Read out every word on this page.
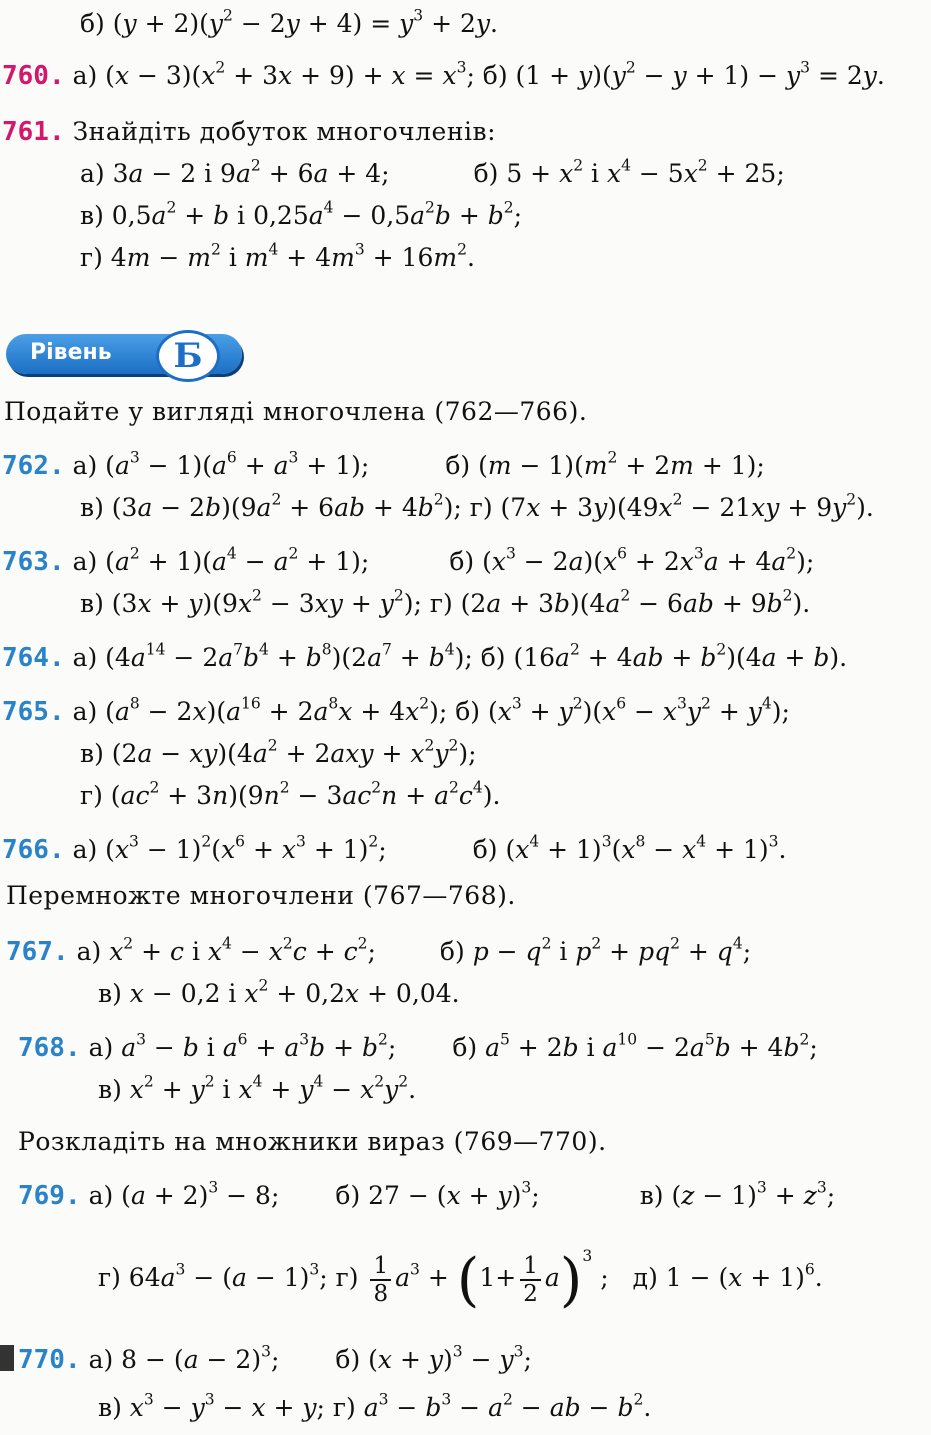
б) $(y + 2)(y^2 - 2y + 4) = y^3 + 2y$.
760. а) $(x - 3)(x^2 + 3x + 9) + x = x^3$; б) $(1 + y)(y^2 - y + 1) - y^3 = 2y$.
761. Знайдіть добуток многочленів:
а) 3a − 2 і $9a^2 + 6a + 4$;	б) $5 + x^2$ і $x^4 - 5x^2 + 25$;
в) $0,5a^2 + b$ і $0,25a^4 - 0,5a^2b + b^2$;
г) $4m - m^2$ і $m^4 + 4m^3 + 16m^2$.
Рівень	Б
Подайте у вигляді многочлена (762—766).
762. а) $(a^3 - 1)(a^6 + a^3 + 1)$;	б) $(m - 1)(m^2 + 2m + 1)$;
в) $(3a - 2b)(9a^2 + 6ab + 4b^2)$; г) $(7x + 3y)(49x^2 - 21xy + 9y^2)$.
763. а) $(a^2 + 1)(a^4 - a^2 + 1)$;	б) $(x^3 - 2a)(x^6 + 2x^3a + 4a^2)$;
в) $(3x + y)(9x^2 - 3xy + y^2)$; г) $(2a + 3b)(4a^2 - 6ab + 9b^2)$.
764. а) $(4a^{14} - 2a^7b^4 + b^8)(2a^7 + b^4)$; б) $(16a^2 + 4ab + b^2)(4a + b)$.
765. а) $(a^8 - 2x)(a^{16} + 2a^8x + 4x^2)$; б) $(x^3 + y^2)(x^6 - x^3y^2 + y^4)$;
в) $(2a - xy)(4a^2 + 2axy + x^2y^2)$;
г) $(ac^2 + 3n)(9n^2 - 3ac^2n + a^2c^4)$.
766. а) $(x^3 - 1)^2(x^6 + x^3 + 1)^2$;	б) $(x^4 + 1)^3(x^8 - x^4 + 1)^3$.
Перемножте многочлени (767—768).
767. а) $x^2 + c$ і $x^4 - x^2c + c^2$;	б) $p - q^2$ і $p^2 + pq^2 + q^4$;
в) x − 0,2 і $x^2 + 0,2x + 0,04$.
768. а) $a^3 - b$ і $a^6 + a^3b + b^2$; б) $a^5 + 2b$ і $a^{10} - 2a^5b + 4b^2$;
в) $x^2 + y^2$ і $x^4 + y^4 - x^2y^2$.
Розкладіть на множники вираз (769—770).
769. а) $(a + 2)^3 - 8$; б) $27 - (x + y)^3$;	в) $(z - 1)^3 + z^3$;
г) $64a^3 - (a - 1)^3$; $г) \frac{1}{8} a^3 + (1+ \frac{1}{2} a)^3$ ; д) $1 - (x + 1)^6$.
770. а) $8 - (a - 2)^3$; б) $(x + y)^3 - y^3$;
в) $x^3 - y^3 - x + y$; г) $a^3 - b^3 - a^2$ − ab − $b^2$.
